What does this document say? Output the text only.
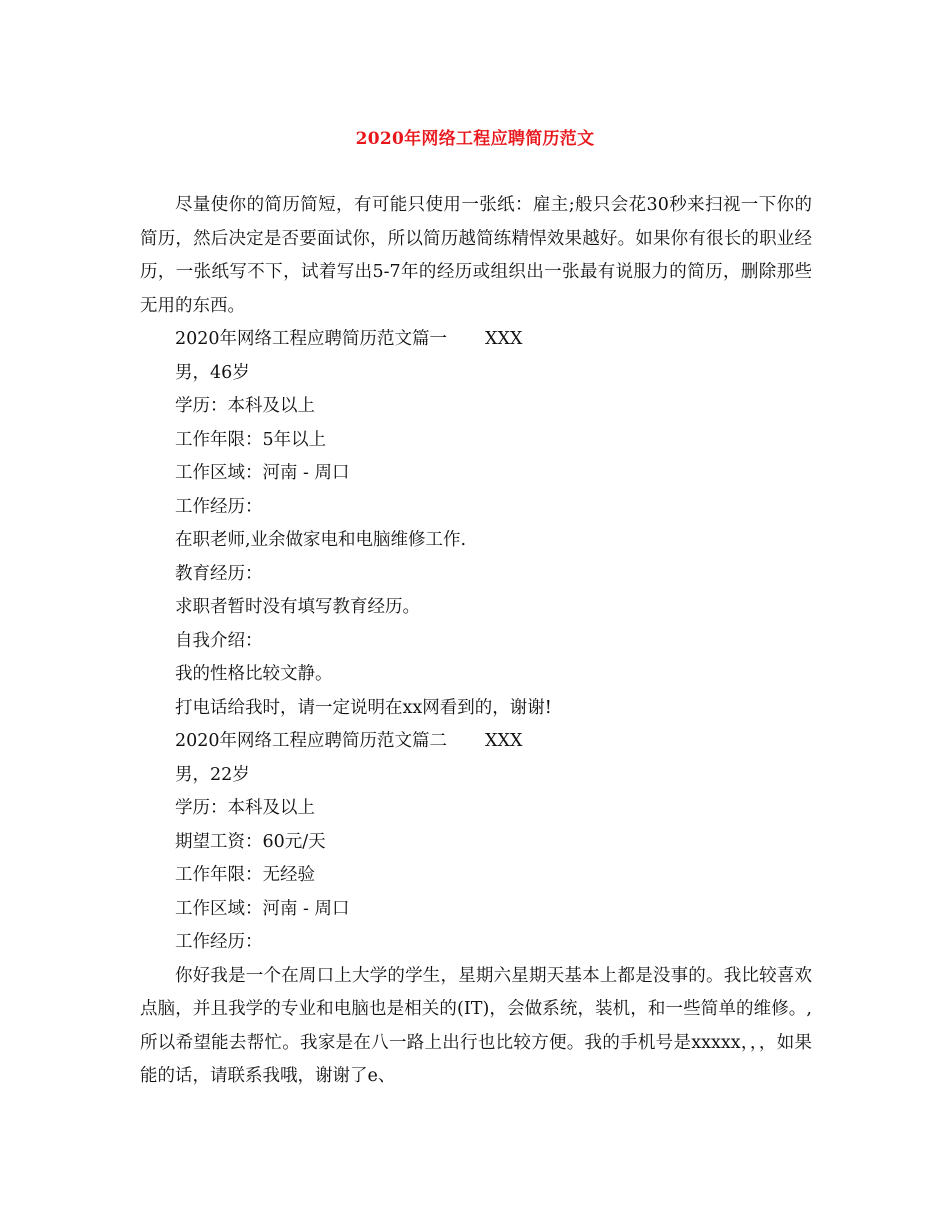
2020年网络工程应聘简历范文

尽量使你的简历简短，有可能只使用一张纸：雇主;般只会花30秒来扫视一下你的简历，然后决定是否要面试你，所以简历越简练精悍效果越好。如果你有很长的职业经历，一张纸写不下，试着写出5-7年的经历或组织出一张最有说服力的简历，删除那些无用的东西。

2020年网络工程应聘简历范文篇一 XXX

男，46岁

学历：本科及以上

工作年限：5年以上

工作区域：河南 - 周口

工作经历：

在职老师,业余做家电和电脑维修工作.

教育经历：

求职者暂时没有填写教育经历。

自我介绍：

我的性格比较文静。

打电话给我时，请一定说明在xx网看到的，谢谢!

2020年网络工程应聘简历范文篇二 XXX

男，22岁

学历：本科及以上

期望工资：60元/天

工作年限：无经验

工作区域：河南 - 周口

工作经历：

你好我是一个在周口上大学的学生，星期六星期天基本上都是没事的。我比较喜欢点脑，并且我学的专业和电脑也是相关的(IT)，会做系统，装机，和一些简单的维修。,所以希望能去帮忙。我家是在八一路上出行也比较方便。我的手机号是xxxxx，，，如果能的话，请联系我哦，谢谢了e、
